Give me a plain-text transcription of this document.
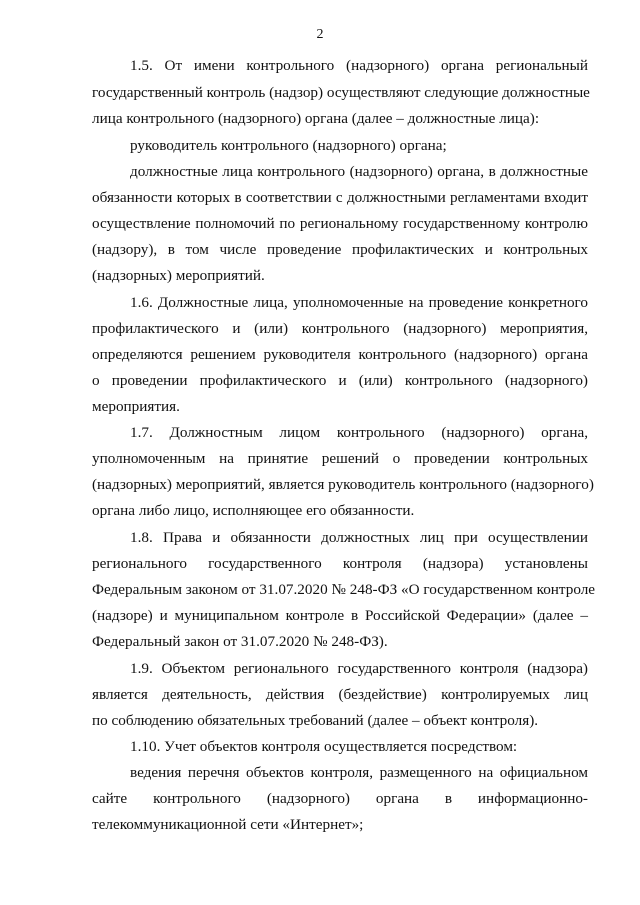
2
1.5. От имени контрольного (надзорного) органа региональный
государственный контроль (надзор) осуществляют следующие должностные
лица контрольного (надзорного) органа (далее – должностные лица):
руководитель контрольного (надзорного) органа;
должностные лица контрольного (надзорного) органа, в должностные
обязанности которых в соответствии с должностными регламентами входит
осуществление полномочий по региональному государственному контролю
(надзору), в том числе проведение профилактических и контрольных
(надзорных) мероприятий.
1.6. Должностные лица, уполномоченные на проведение конкретного
профилактического и (или) контрольного (надзорного) мероприятия,
определяются решением руководителя контрольного (надзорного) органа
о проведении профилактического и (или) контрольного (надзорного)
мероприятия.
1.7. Должностным лицом контрольного (надзорного) органа,
уполномоченным на принятие решений о проведении контрольных
(надзорных) мероприятий, является руководитель контрольного (надзорного)
органа либо лицо, исполняющее его обязанности.
1.8. Права и обязанности должностных лиц при осуществлении
регионального государственного контроля (надзора) установлены
Федеральным законом от 31.07.2020 № 248-ФЗ «О государственном контроле
(надзоре) и муниципальном контроле в Российской Федерации» (далее –
Федеральный закон от 31.07.2020 № 248-ФЗ).
1.9. Объектом регионального государственного контроля (надзора)
является деятельность, действия (бездействие) контролируемых лиц
по соблюдению обязательных требований (далее – объект контроля).
1.10. Учет объектов контроля осуществляется посредством:
ведения перечня объектов контроля, размещенного на официальном
сайте контрольного (надзорного) органа в информационно-
телекоммуникационной сети «Интернет»;
